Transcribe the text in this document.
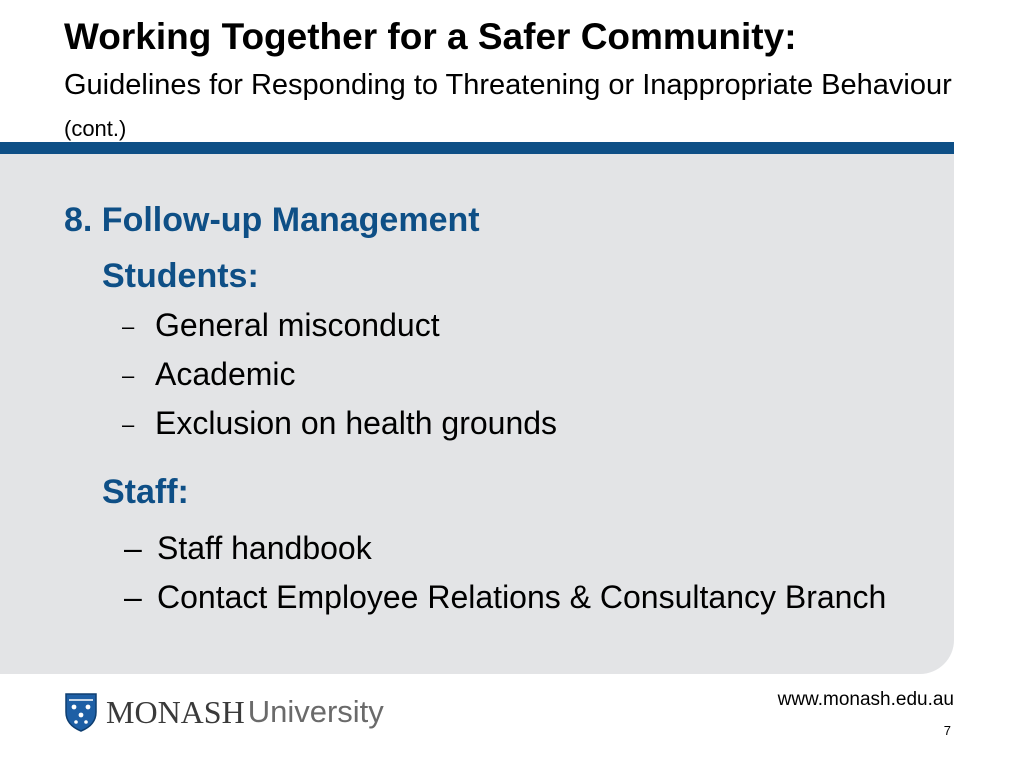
Working Together for a Safer Community:
Guidelines for Responding to Threatening or Inappropriate Behaviour (cont.)
8. Follow-up Management
Students:
– General misconduct
– Academic
– Exclusion on health grounds
Staff:
– Staff handbook
– Contact Employee Relations & Consultancy Branch
MONASH University	www.monash.edu.au
7
